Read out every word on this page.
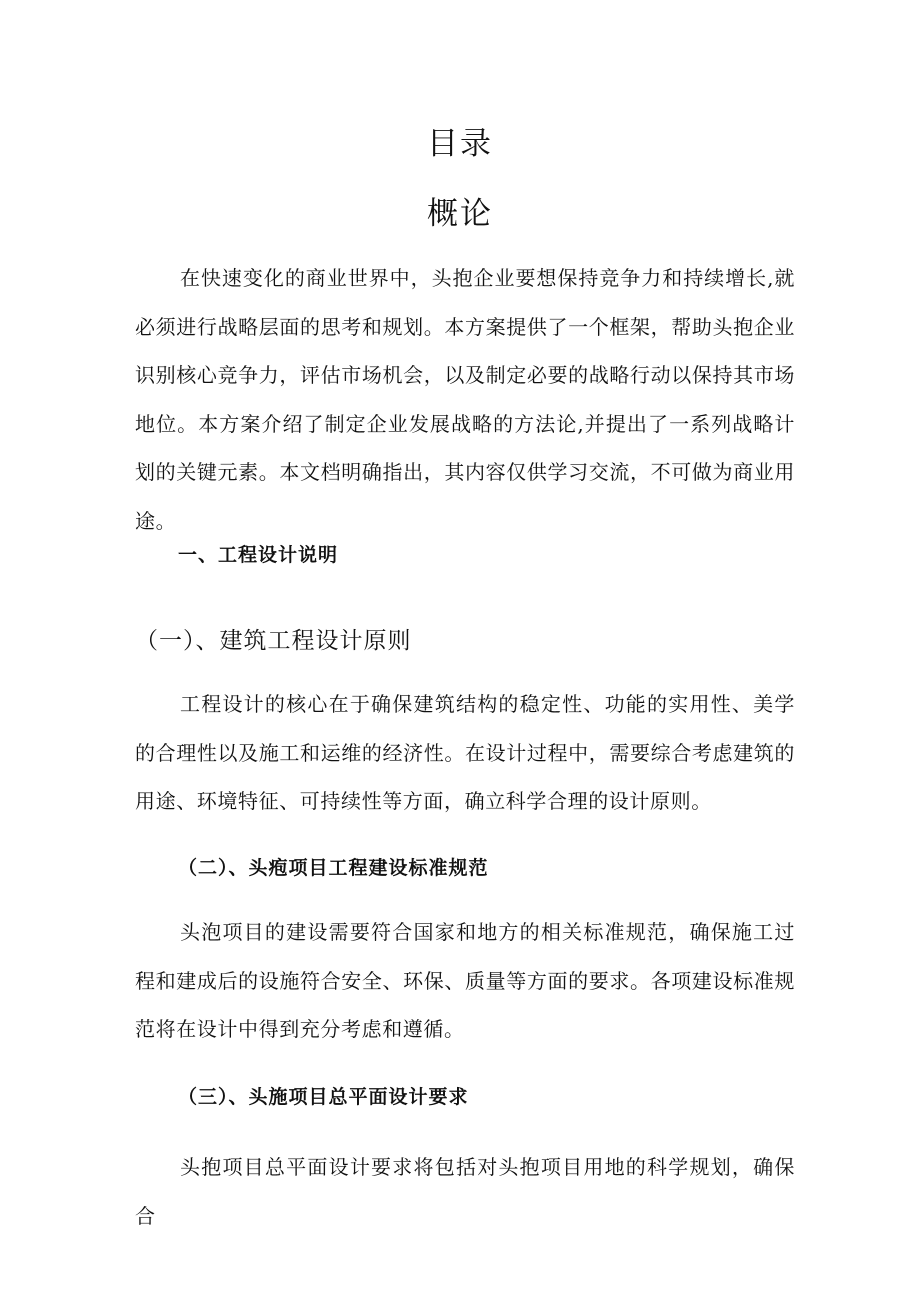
目录
概论
在快速变化的商业世界中，头抱企业要想保持竞争力和持续增长,就必须进行战略层面的思考和规划。本方案提供了一个框架，帮助头抱企业识别核心竞争力，评估市场机会，以及制定必要的战略行动以保持其市场地位。本方案介绍了制定企业发展战略的方法论,并提出了一系列战略计划的关键元素。本文档明确指出，其内容仅供学习交流，不可做为商业用途。
一、工程设计说明
（一）、建筑工程设计原则
工程设计的核心在于确保建筑结构的稳定性、功能的实用性、美学的合理性以及施工和运维的经济性。在设计过程中，需要综合考虑建筑的用途、环境特征、可持续性等方面，确立科学合理的设计原则。
（二）、头疱项目工程建设标准规范
头泡项目的建设需要符合国家和地方的相关标准规范，确保施工过程和建成后的设施符合安全、环保、质量等方面的要求。各项建设标准规范将在设计中得到充分考虑和遵循。
（三）、头施项目总平面设计要求
头抱项目总平面设计要求将包括对头抱项目用地的科学规划，确保合
